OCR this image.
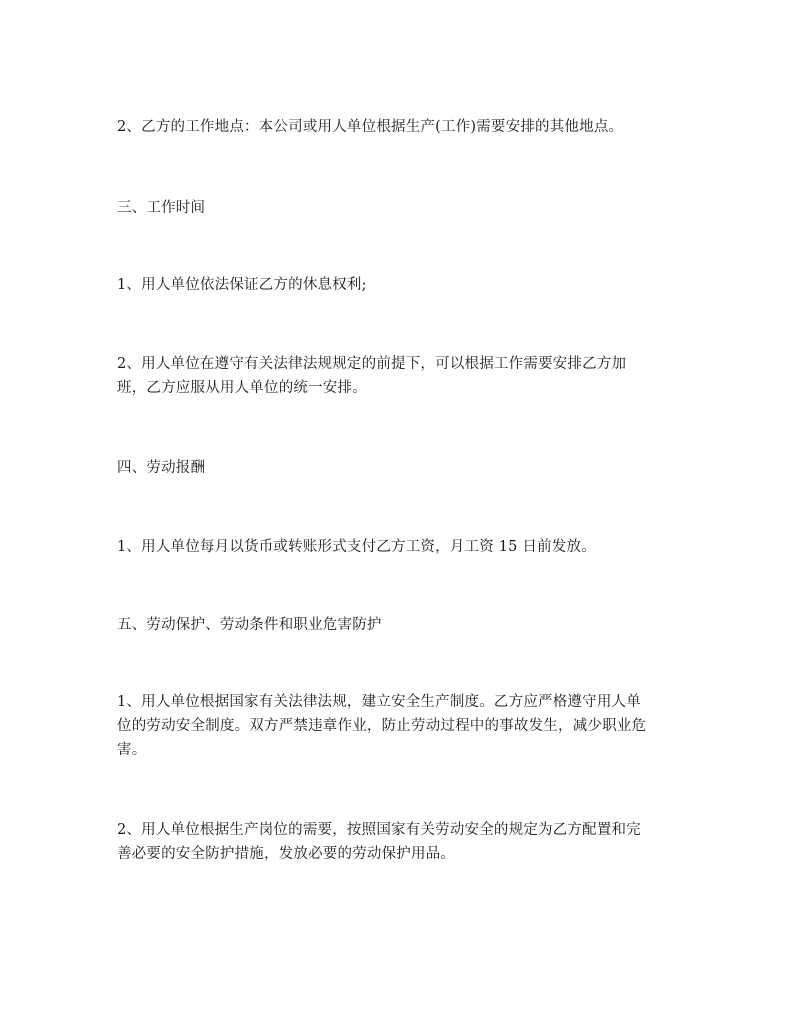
2、乙方的工作地点：本公司或用人单位根据生产(工作)需要安排的其他地点。

三、工作时间

1、用人单位依法保证乙方的休息权利;

2、用人单位在遵守有关法律法规规定的前提下，可以根据工作需要安排乙方加
班，乙方应服从用人单位的统一安排。

四、劳动报酬

1、用人单位每月以货币或转账形式支付乙方工资，月工资 15 日前发放。

五、劳动保护、劳动条件和职业危害防护

1、用人单位根据国家有关法律法规，建立安全生产制度。乙方应严格遵守用人单
位的劳动安全制度。双方严禁违章作业，防止劳动过程中的事故发生，减少职业危
害。

2、用人单位根据生产岗位的需要，按照国家有关劳动安全的规定为乙方配置和完
善必要的安全防护措施，发放必要的劳动保护用品。
